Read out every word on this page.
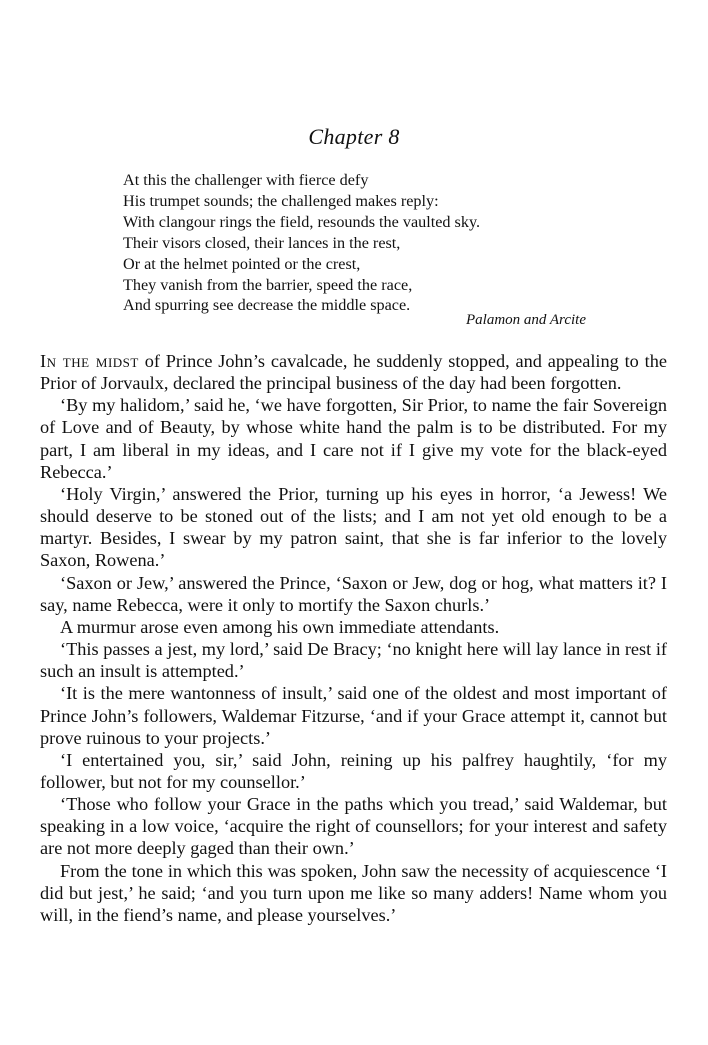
Chapter 8
At this the challenger with fierce defy
His trumpet sounds; the challenged makes reply:
With clangour rings the field, resounds the vaulted sky.
Their visors closed, their lances in the rest,
Or at the helmet pointed or the crest,
They vanish from the barrier, speed the race,
And spurring see decrease the middle space.
Palamon and Arcite

In the midst of Prince John’s cavalcade, he suddenly stopped, and appealing to the Prior of Jorvaulx, declared the principal business of the day had been forgotten.

‘By my halidom,’ said he, ‘we have forgotten, Sir Prior, to name the fair Sovereign of Love and of Beauty, by whose white hand the palm is to be distributed. For my part, I am liberal in my ideas, and I care not if I give my vote for the black-eyed Rebecca.’

‘Holy Virgin,’ answered the Prior, turning up his eyes in horror, ‘a Jewess! We should deserve to be stoned out of the lists; and I am not yet old enough to be a martyr. Besides, I swear by my patron saint, that she is far inferior to the lovely Saxon, Rowena.’

‘Saxon or Jew,’ answered the Prince, ‘Saxon or Jew, dog or hog, what matters it? I say, name Rebecca, were it only to mortify the Saxon churls.’

A murmur arose even among his own immediate attendants.

‘This passes a jest, my lord,’ said De Bracy; ‘no knight here will lay lance in rest if such an insult is attempted.’

‘It is the mere wantonness of insult,’ said one of the oldest and most important of Prince John’s followers, Waldemar Fitzurse, ‘and if your Grace attempt it, cannot but prove ruinous to your projects.’

‘I entertained you, sir,’ said John, reining up his palfrey haughtily, ‘for my follower, but not for my counsellor.’

‘Those who follow your Grace in the paths which you tread,’ said Waldemar, but speaking in a low voice, ‘acquire the right of counsellors; for your interest and safety are not more deeply gaged than their own.’

From the tone in which this was spoken, John saw the necessity of acquiescence ‘I did but jest,’ he said; ‘and you turn upon me like so many adders! Name whom you will, in the fiend’s name, and please yourselves.’
